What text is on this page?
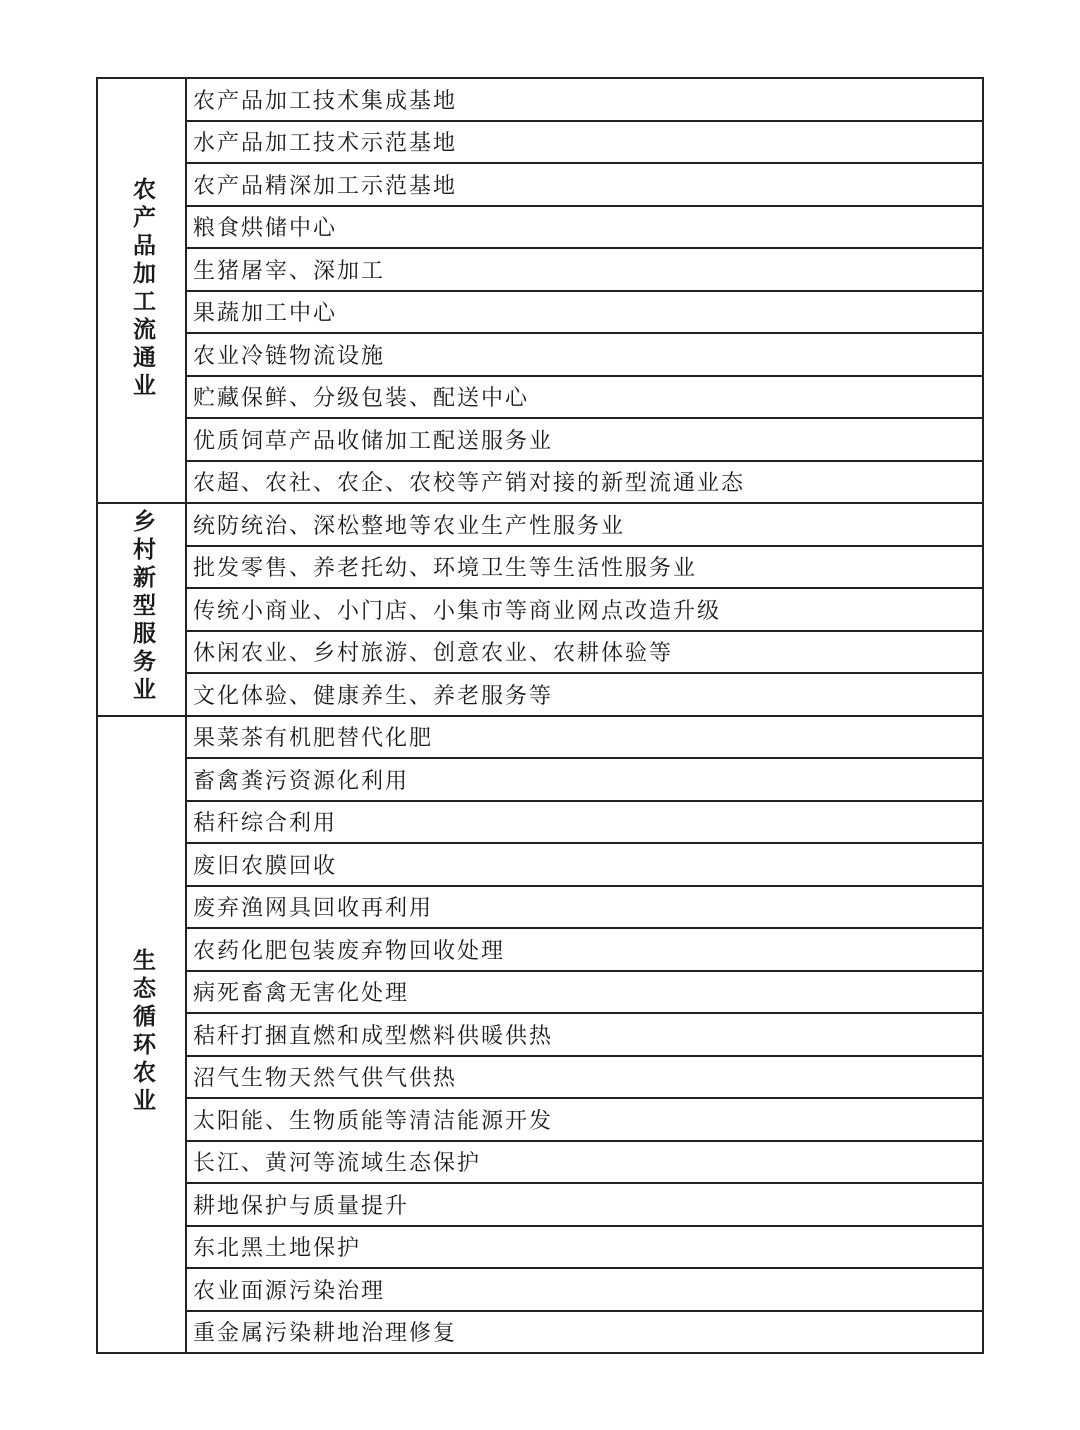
农产品加工流通业	农产品加工技术集成基地
	水产品加工技术示范基地
	农产品精深加工示范基地
	粮食烘储中心
	生猪屠宰、深加工
	果蔬加工中心
	农业冷链物流设施
	贮藏保鲜、分级包装、配送中心
	优质饲草产品收储加工配送服务业
	农超、农社、农企、农校等产销对接的新型流通业态
乡村新型服务业	统防统治、深松整地等农业生产性服务业
	批发零售、养老托幼、环境卫生等生活性服务业
	传统小商业、小门店、小集市等商业网点改造升级
	休闲农业、乡村旅游、创意农业、农耕体验等
	文化体验、健康养生、养老服务等
生态循环农业	果菜茶有机肥替代化肥
	畜禽粪污资源化利用
	秸秆综合利用
	废旧农膜回收
	废弃渔网具回收再利用
	农药化肥包装废弃物回收处理
	病死畜禽无害化处理
	秸秆打捆直燃和成型燃料供暖供热
	沼气生物天然气供气供热
	太阳能、生物质能等清洁能源开发
	长江、黄河等流域生态保护
	耕地保护与质量提升
	东北黑土地保护
	农业面源污染治理
	重金属污染耕地治理修复
